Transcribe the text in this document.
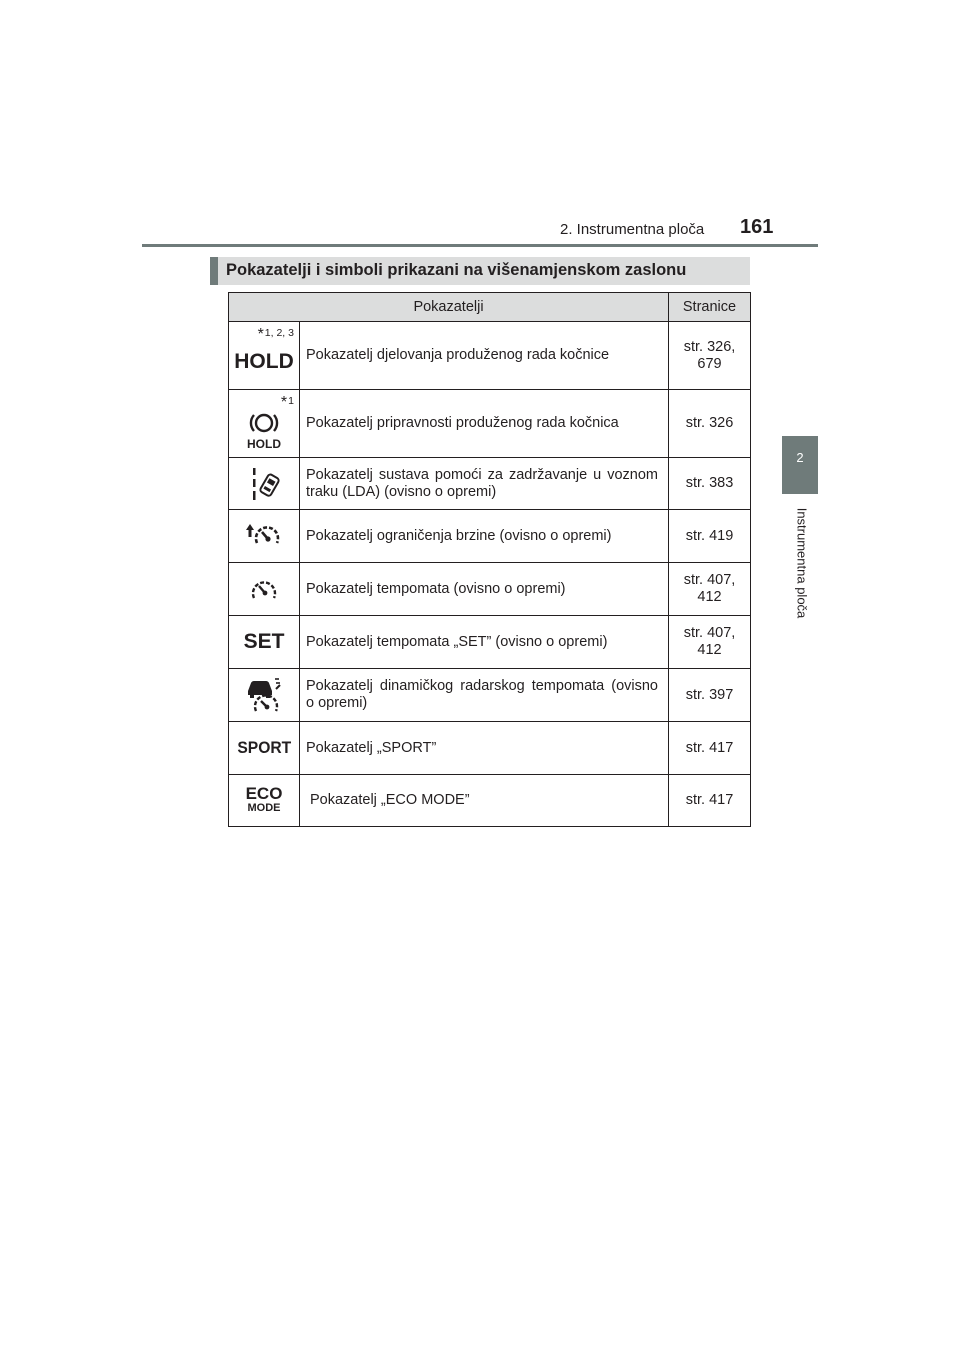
2. Instrumentna ploča 161
2
Instrumentna ploča
Pokazatelji i simboli prikazani na višenamjenskom zaslonu
Pokazatelji		Stranice

*1, 2, 3
HOLD	Pokazatelj djelovanja produženog rada kočnice	str. 326, 679

*1
HOLD	Pokazatelj pripravnosti produženog rada kočnica	str. 326

	Pokazatelj sustava pomoći za zadržavanje u voznom traku (LDA) (ovisno o opremi)	str. 383

	Pokazatelj ograničenja brzine (ovisno o opremi)	str. 419

	Pokazatelj tempomata (ovisno o opremi)	str. 407, 412
SET	Pokazatelj tempomata „SET” (ovisno o opremi)	str. 407, 412

	Pokazatelj dinamičkog radarskog tempomata (ovisno o opremi)	str. 397
SPORT	Pokazatelj „SPORT”	str. 417

ECO
MODE	Pokazatelj „ECO MODE”	str. 417
